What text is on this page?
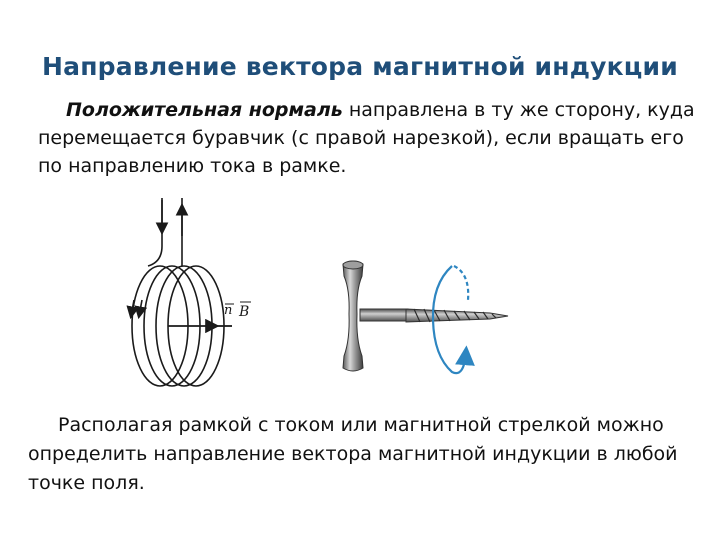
Направление вектора магнитной индукции
Положительная нормаль направлена в ту же сторону, куда
перемещается буравчик (с правой нарезкой), если вращать его
по направлению тока в рамке.
n B
Располагая рамкой с током или магнитной стрелкой можно
определить направление вектора магнитной индукции в любой
точке поля.
